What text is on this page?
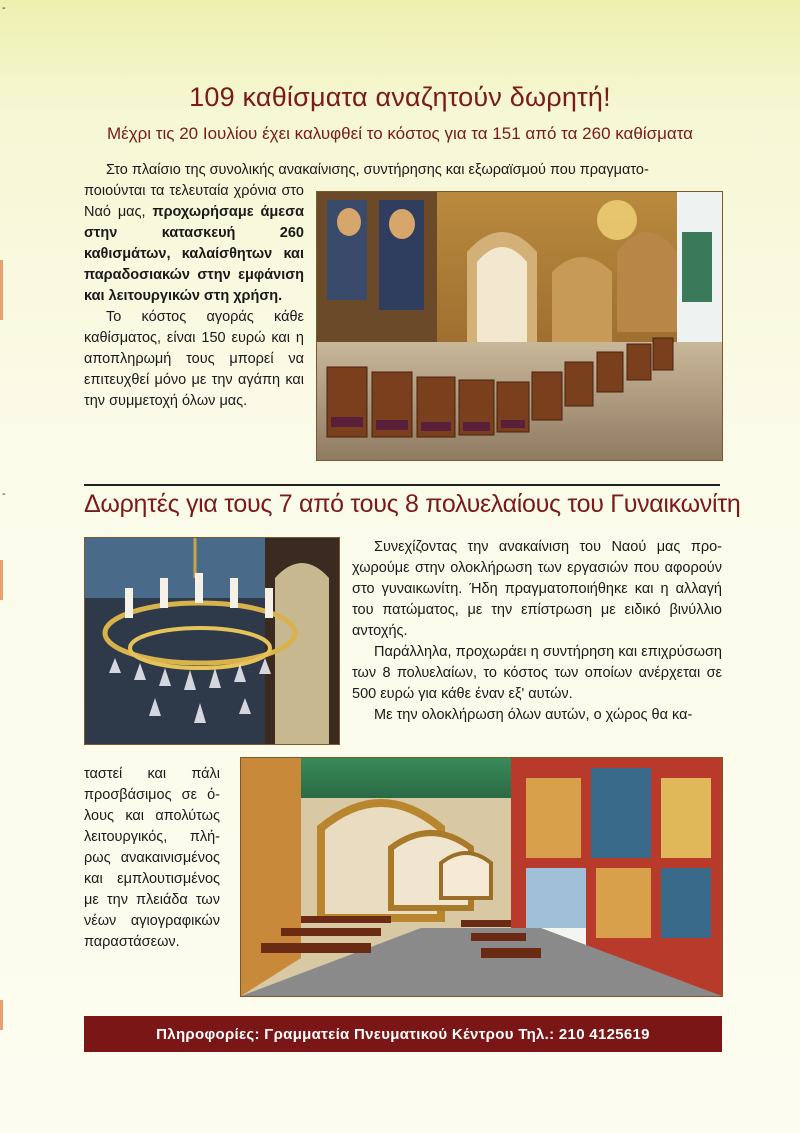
-
-
109 καθίσματα αναζητούν δωρητή!
Μέχρι τις 20 Ιουλίου έχει καλυφθεί το κόστος για τα 151 από τα 260 καθίσματα
Στο πλαίσιο της συνολικής ανακαίνισης, συντήρησης και εξωραϊσμού που πραγματο-

ποιούνται τα τελευταία χρόνια στο Ναό μας, προχωρήσαμε άμεσα στην κατασκευή 260 καθισμάτων, καλαίσθητων και παραδοσιακών στην εμφάνιση και λειτουργικών στη χρήση.

Το κόστος αγοράς κάθε καθίσματος, είναι 150 ευρώ και η αποπληρωμή τους μπορεί να επιτευχθεί μόνο με την αγάπη και την συμμετοχή όλων μας.

Δωρητές για τους 7 από τους 8 πολυελαίους του Γυναικωνίτη

Συνεχίζοντας την ανακαίνιση του Ναού μας προχωρούμε στην ολοκλήρωση των εργασιών που αφορούν στο γυναικωνίτη. Ήδη πραγματοποιήθηκε και η αλλαγή του πατώματος, με την επίστρωση με ειδικό βινύλλιο αντοχής.

Παράλληλα, προχωράει η συντήρηση και επιχρύσωση των 8 πολυελαίων, το κόστος των οποίων ανέρχεται σε 500 ευρώ για κάθε έναν εξ' αυτών.

Με την ολοκλήρωση όλων αυτών, ο χώρος θα κα-

ταστεί και πάλι προσβάσιμος σε όλους και απολύτως λειτουργικός, πλήρως ανακαινισμένος και εμπλουτισμένος με την πλειάδα των νέων αγιογραφικών παραστάσεων.

Πληροφορίες: Γραμματεία Πνευματικού Κέντρου Τηλ.: 210 4125619
